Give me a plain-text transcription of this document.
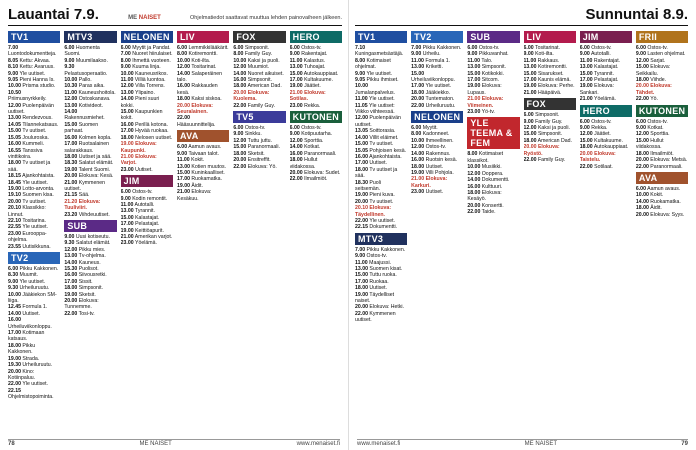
Lauantai 7.9.	ME NAISET	Ohjelmatiedot saattavat muuttua lehden painovaiheen jälkeen.
TV1
7.00 Luontodokumentteja.
8.05 Kettu: Akvaa.
8.10 Kettu: Avaruus.
9.00 Yle uutiset.
9.05 Pieni Hanna Is.
10.00 Prisma studio.
10.50 Priimusnyrkkeily.
12.00 Puolenpäivän uutiset.
13.00 Rendezvous.
14.05 Tilannekatsaus.
15.00 Tv uutiset.
15.05 Jouluroska.
16.00 Kummeli.
16.55 Tanssiva vinttikoira.
18.00 Tv uutiset ja sää.
18.15 Ajankohtaista.
18.45 Yle uutiset.
19.00 Lotto-arvonta.
19.10 Suomen kisa.
20.00 Tv uutiset.
20.10 Klassikko: Linnut.
22.10 Tositarina.
22.55 Yle uutiset.
23.00 Eurooppa-ohjelma.
23.55 Uutisikkuna.
TV2
6.00 Pikku Kakkonen.
8.30 Muumit.
9.00 Yle uutiset.
9.30 Urheiluruutu.
10.00 Jääkiekon SM-liiga.
12.45 Formula 1.
14.00 Uutiset.
16.00 Urheiluviikonloppu.
17.00 Kotimaan katsaus.
18.00 Pikku Kakkonen.
19.00 Strada.
19.30 Urheiluruutu.
20.00 Kino: Kotiinpaluu.
22.00 Yle uutiset.
22.15 Ohjelmistopoiminta.
MTV3
6.00 Huomenta Suomi.
9.00 Muumilaakso.
9.30 Pelastusoperaatio.
10.00 Pallo.
10.30 Paras aika.
11.00 Kauneushoitola.
12.00 Ostoskanava.
13.00 Kotivideot.
14.00 Rakennusmiehet.
15.00 Suomen parhaat.
16.00 Kolmen kopla.
17.00 Ruotsalainen salarakkaus.
18.00 Uutiset ja sää.
18.30 Salatut elämät.
19.00 Talent Suomi.
20.00 Elokuva: Kesä.
21.00 Kymmenen uutiset.
21.15 Sää.
21.20 Elokuva: Tuuliviiri.
23.20 Viihdeuutiset.
SUB
9.00 Uusi kotiseutu.
9.30 Salatut elämät.
12.00 Pikku mies.
13.00 Tv-ohjelma.
14.00 Kauneus.
15.30 Puolisot.
16.00 Siivousretki.
17.00 Sissit.
18.00 Simpsonit.
19.00 Sketsit.
20.00 Elokuva: Tunnemme.
22.00 Tosi-tv.
NELONEN
6.00 Myytit ja Pandat.
7.00 Nuoret hiirulaiset.
8.00 Ihmettä vuoteen.
9.00 Kuuma linja.
10.00 Kauneusrikos.
11.00 Villiä luontoa.
12.00 Villa Torrens.
13.00 Ylipaino.
14.00 Pieni suuri kokki.
15.00 Kaupunkien kokit.
16.00 Perillä kotona.
17.00 Hyvää ruokaa.
18.00 Nelosen uutiset.
19.00 Elokuva: Kaupunki.
21.00 Elokuva: Varjot.
23.00 Uutiset.
JIM
6.00 Ostos-tv.
9.00 Kodin remontit.
11.00 Autotalli.
13.00 Tyrannit.
15.00 Kalastajat.
17.00 Pelastajat.
19.00 Keittiöapurit.
21.00 Amerikan varjot.
23.00 Yöelämä.
LIV
6.00 Lemmikkilääkärit.
8.00 Kotiremontti.
10.00 Koti-ilta.
12.00 Tositarinat.
14.00 Salaperäinen talo.
16.00 Rakkauden kesä.
18.00 Kaksi siskoa.
20.00 Elokuva: Seuralainen.
22.00 Hääsuunnittelija.
AVA
6.00 Aamun avaus.
9.00 Taivaan talot.
11.00 Kokit.
13.00 Kotien muutos.
15.00 Kuninkaalliset.
17.00 Ruokamatka.
19.00 Äidit.
21.00 Elokuva: Kesäkuu.
FOX
6.00 Simpsonit.
8.00 Family Guy.
10.00 Kaksi ja puoli.
12.00 Muumiot.
14.00 Nuoret aikuiset.
16.00 Simpsonit.
18.00 American Dad.
20.00 Elokuva: Kuolema.
22.00 Family Guy.
TV5
6.00 Ostos-tv.
9.00 Sinkku.
12.00 Tuttu juttu.
15.00 Paranormaali.
18.00 Sketsit.
20.00 Ensitreffit.
22.00 Elokuva: Yö.
HERO
6.00 Ostos-tv.
9.00 Rakentajat.
11.00 Kalastus.
13.00 Tuhoajat.
15.00 Autokauppiaat.
17.00 Kultakuume.
19.00 Jäätiet.
21.00 Elokuva: Sotilas.
23.00 Rekka.
KUTONEN
6.00 Ostos-tv.
9.00 Kotipuutarha.
12.00 Sporttia.
14.00 Kotkat.
16.00 Paranormaali.
18.00 Hullut viidakossa.
20.00 Elokuva: Sudet.
22.00 Ilmailmiöt.
78	ME NAISET	www.menaiset.fi
Sunnuntai 8.9.
TV1
7.10 Kuningasmetsästäjä.
8.00 Kotimaiset ohjelmat.
9.00 Yle uutiset.
9.05 Pikku ihmiset.
10.00 Jumalanpalvelus.
11.00 Yle uutiset.
11.05 Yle uutiset: Viikko viihteessä.
12.00 Puolenpäivän uutiset.
13.05 Soittorasia.
14.00 Villit eläimet.
15.00 Tv uutiset.
15.05 Pohjoisen kesä.
16.00 Ajankohtaista.
17.00 Uutiset.
18.00 Tv uutiset ja sää.
18.30 Puoli seitsemän.
19.00 Pieni kuva.
20.00 Tv uutiset.
20.10 Elokuva: Täydellinen.
22.00 Yle uutiset.
22.15 Dokumentti.
MTV3
7.00 Pikku Kakkonen.
9.00 Ostos-tv.
11.00 Maajussi.
13.00 Suomen kisat.
15.00 Tuttu ruoka.
17.00 Ruokaa.
18.00 Uutiset.
19.00 Täydelliset naiset.
20.00 Elokuva: Hetki.
22.00 Kymmenen uutiset.
TV2
7.00 Pikku Kakkonen.
9.00 Urheilu.
11.00 Formula 1.
13.00 Kriketti.
15.00 Urheiluviikonloppu.
17.00 Yle uutiset.
18.00 Jääkiekko.
20.00 Tuntematon.
22.00 Urheiluruutu.
NELONEN
6.00 Myytit.
8.00 Kadonneet.
10.00 Ihmeellinen.
12.00 Ostos-tv.
14.00 Rakennus.
16.00 Ruotsin kesä.
18.00 Uutiset.
19.00 Villi Pohjola.
21.00 Elokuva: Karkuri.
23.00 Uutiset.
SUB
6.00 Ostos-tv.
9.00 Pikkuvanhat.
11.00 Talo.
13.00 Simpsonit.
15.00 Kotikokki.
17.00 Sitcom.
19.00 Elokuva: Lupaus.
21.00 Elokuva: Viimeinen.
23.00 Yö-tv.
YLE TEEMA & FEM
8.00 Kotimaiset klassikot.
10.00 Musiikki.
12.00 Ooppera.
14.00 Dokumentti.
16.00 Kulttuuri.
18.00 Elokuva: Kesäyö.
20.00 Konsertti.
22.00 Taide.
LIV
6.00 Tositarinat.
9.00 Koti-ilta.
11.00 Rakkaus.
13.00 Kotiremontti.
15.00 Sisarukset.
17.00 Kaunis elämä.
19.00 Elokuva: Perhe.
21.00 Hääpäivä.
FOX
6.00 Simpsonit.
9.00 Family Guy.
12.00 Kaksi ja puoli.
15.00 Simpsonit.
18.00 American Dad.
20.00 Elokuva: Ryöstö.
22.00 Family Guy.
JIM
6.00 Ostos-tv.
9.00 Autotalli.
11.00 Rakentajat.
13.00 Kalastajat.
15.00 Tyrannit.
17.00 Pelastajat.
19.00 Elokuva: Sankari.
21.00 Yöelämä.
HERO
6.00 Ostos-tv.
9.00 Rekka.
12.00 Jäätiet.
15.00 Kultakuume.
18.00 Autokauppiaat.
20.00 Elokuva: Taistelu.
22.00 Sotilaat.
FRII
6.00 Ostos-tv.
9.00 Lasten ohjelmat.
12.00 Sarjat.
15.00 Elokuva: Seikkailu.
18.00 Viihde.
20.00 Elokuva: Tähdet.
22.00 Yö.
KUTONEN
6.00 Ostos-tv.
9.00 Kotkat.
12.00 Sporttia.
15.00 Hullut viidakossa.
18.00 Ilmailmiöt.
20.00 Elokuva: Metsä.
22.00 Paranormaali.
AVA
6.00 Aamun avaus.
10.00 Kokit.
14.00 Ruokamatka.
18.00 Äidit.
20.00 Elokuva: Syys.
www.menaiset.fi	ME NAISET	79
